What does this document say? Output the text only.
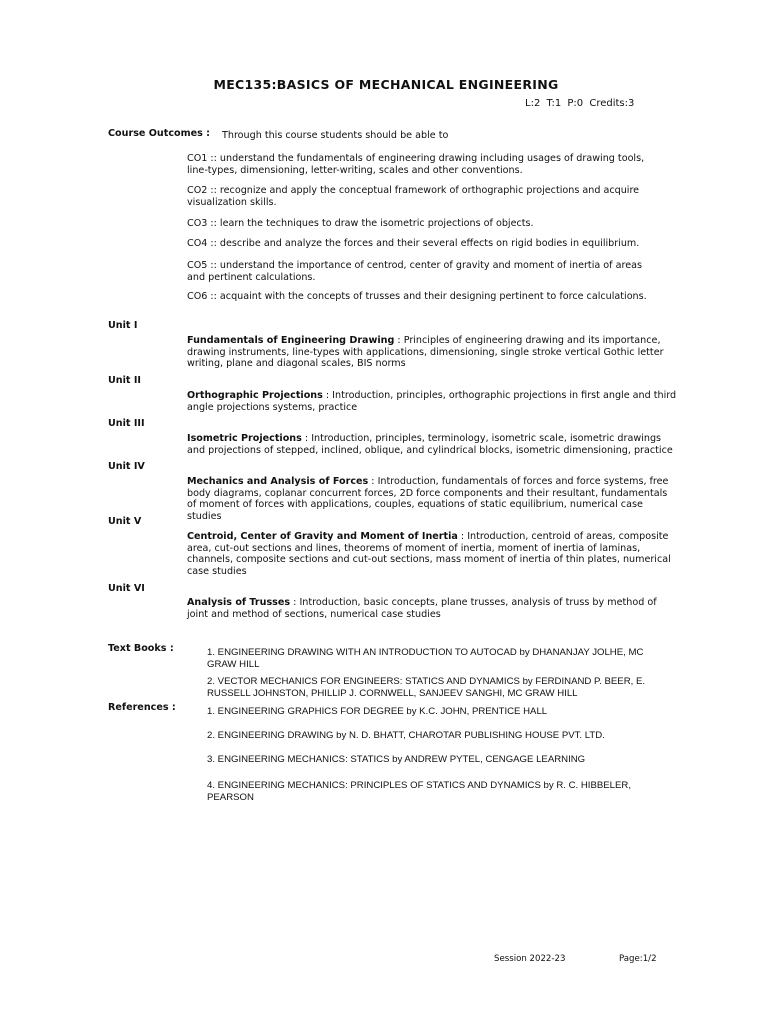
MEC135:BASICS OF MECHANICAL ENGINEERING
L:2 T:1 P:0 Credits:3
Course Outcomes : Through this course students should be able to
CO1 :: understand the fundamentals of engineering drawing including usages of drawing tools, line-types, dimensioning, letter-writing, scales and other conventions.
CO2 :: recognize and apply the conceptual framework of orthographic projections and acquire visualization skills.
CO3 :: learn the techniques to draw the isometric projections of objects.
CO4 :: describe and analyze the forces and their several effects on rigid bodies in equilibrium.
CO5 :: understand the importance of centrod, center of gravity and moment of inertia of areas and pertinent calculations.
CO6 :: acquaint with the concepts of trusses and their designing pertinent to force calculations.
Unit I
Fundamentals of Engineering Drawing : Principles of engineering drawing and its importance, drawing instruments, line-types with applications, dimensioning, single stroke vertical Gothic letter writing, plane and diagonal scales, BIS norms
Unit II
Orthographic Projections : Introduction, principles, orthographic projections in first angle and third angle projections systems, practice
Unit III
Isometric Projections : Introduction, principles, terminology, isometric scale, isometric drawings and projections of stepped, inclined, oblique, and cylindrical blocks, isometric dimensioning, practice
Unit IV
Mechanics and Analysis of Forces : Introduction, fundamentals of forces and force systems, free body diagrams, coplanar concurrent forces, 2D force components and their resultant, fundamentals of moment of forces with applications, couples, equations of static equilibrium, numerical case studies
Unit V
Centroid, Center of Gravity and Moment of Inertia : Introduction, centroid of areas, composite area, cut-out sections and lines, theorems of moment of inertia, moment of inertia of laminas, channels, composite sections and cut-out sections, mass moment of inertia of thin plates, numerical case studies
Unit VI
Analysis of Trusses : Introduction, basic concepts, plane trusses, analysis of truss by method of joint and method of sections, numerical case studies
Text Books :	1. ENGINEERING DRAWING WITH AN INTRODUCTION TO AUTOCAD by DHANANJAY JOLHE, MC GRAW HILL
2. VECTOR MECHANICS FOR ENGINEERS: STATICS AND DYNAMICS by FERDINAND P. BEER, E. RUSSELL JOHNSTON, PHILLIP J. CORNWELL, SANJEEV SANGHI, MC GRAW HILL
References :	1. ENGINEERING GRAPHICS FOR DEGREE by K.C. JOHN, PRENTICE HALL
2. ENGINEERING DRAWING by N. D. BHATT, CHAROTAR PUBLISHING HOUSE PVT. LTD.
3. ENGINEERING MECHANICS: STATICS by ANDREW PYTEL, CENGAGE LEARNING
4. ENGINEERING MECHANICS: PRINCIPLES OF STATICS AND DYNAMICS by R. C. HIBBELER, PEARSON
Session 2022-23	Page:1/2
